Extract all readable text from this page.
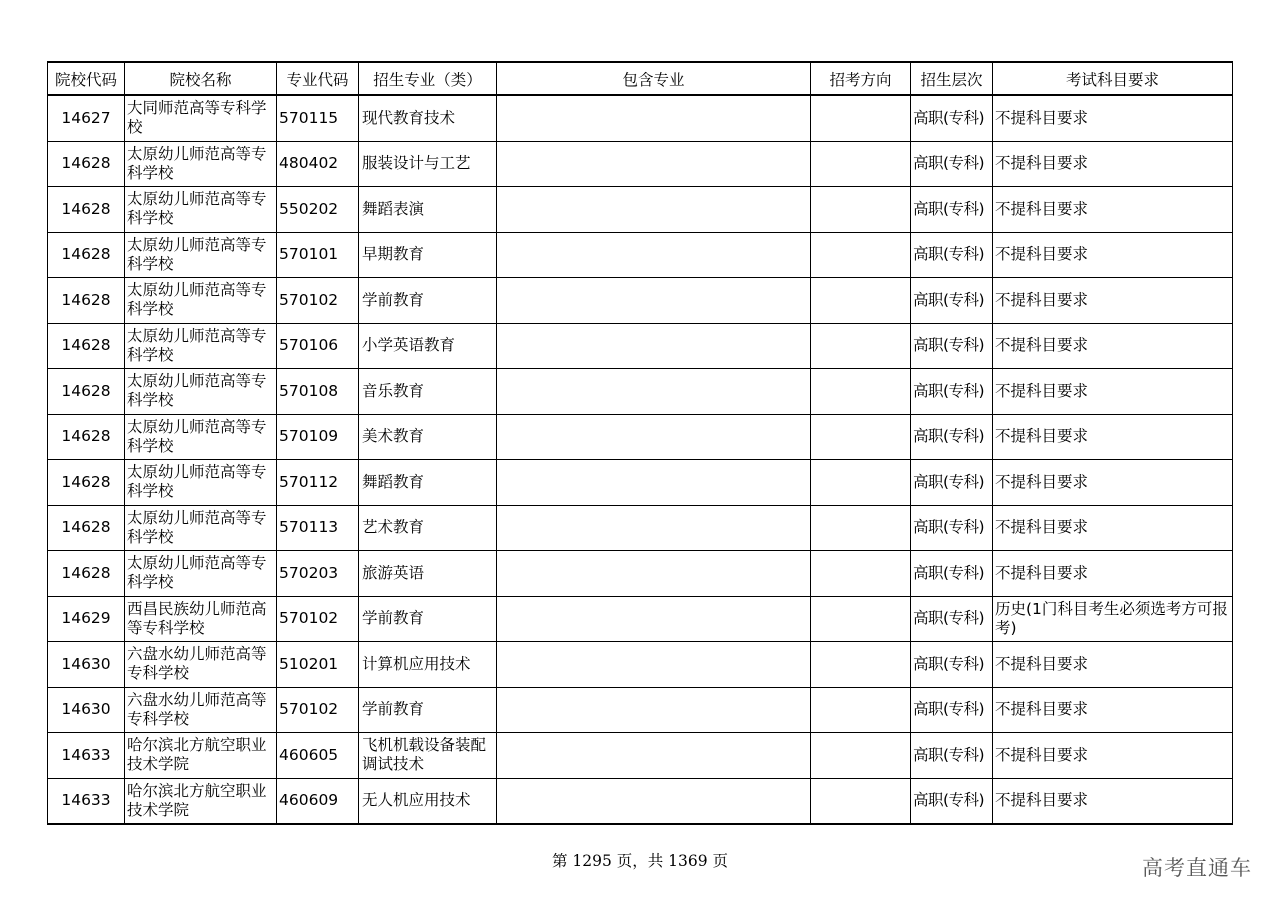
院校代码	院校名称	专业代码	招生专业（类）	包含专业	招考方向	招生层次	考试科目要求
14627	大同师范高等专科学校	570115	现代教育技术			高职(专科)	不提科目要求
14628	太原幼儿师范高等专科学校	480402	服装设计与工艺			高职(专科)	不提科目要求
14628	太原幼儿师范高等专科学校	550202	舞蹈表演			高职(专科)	不提科目要求
14628	太原幼儿师范高等专科学校	570101	早期教育			高职(专科)	不提科目要求
14628	太原幼儿师范高等专科学校	570102	学前教育			高职(专科)	不提科目要求
14628	太原幼儿师范高等专科学校	570106	小学英语教育			高职(专科)	不提科目要求
14628	太原幼儿师范高等专科学校	570108	音乐教育			高职(专科)	不提科目要求
14628	太原幼儿师范高等专科学校	570109	美术教育			高职(专科)	不提科目要求
14628	太原幼儿师范高等专科学校	570112	舞蹈教育			高职(专科)	不提科目要求
14628	太原幼儿师范高等专科学校	570113	艺术教育			高职(专科)	不提科目要求
14628	太原幼儿师范高等专科学校	570203	旅游英语			高职(专科)	不提科目要求
14629	西昌民族幼儿师范高等专科学校	570102	学前教育			高职(专科)	历史(1门科目考生必须选考方可报考)
14630	六盘水幼儿师范高等专科学校	510201	计算机应用技术			高职(专科)	不提科目要求
14630	六盘水幼儿师范高等专科学校	570102	学前教育			高职(专科)	不提科目要求
14633	哈尔滨北方航空职业技术学院	460605	飞机机载设备装配调试技术			高职(专科)	不提科目要求
14633	哈尔滨北方航空职业技术学院	460609	无人机应用技术			高职(专科)	不提科目要求
第 1295 页，共 1369 页	高考直通车
